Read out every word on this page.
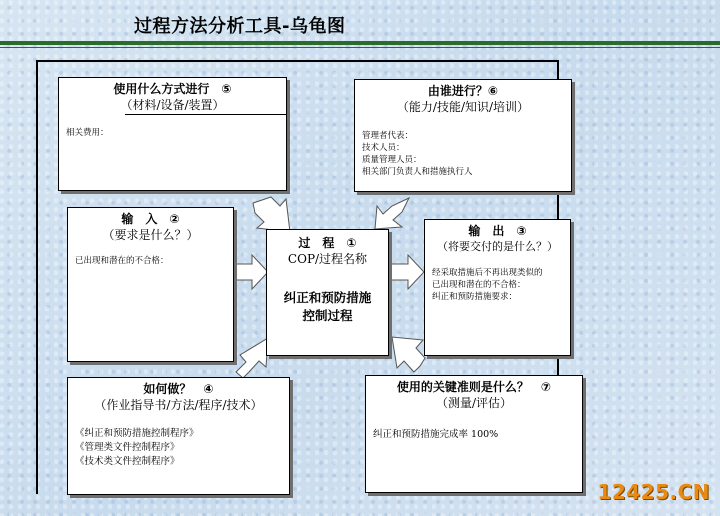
过程方法分析工具-乌龟图
使用什么方式进行　⑤
（材料/设备/装置）
相关费用：
由谁进行？⑥
（能力/技能/知识/培训）
管理者代表：
技术人员：
质量管理人员：
相关部门负责人和措施执行人
输　入　②
（要求是什么？）
已出现和潜在的不合格：
过　程　①
COP/过程名称
纠正和预防措施
控制过程
输　出　③
（将要交付的是什么？）
经采取措施后不再出现类似的
已出现和潜在的不合格：
纠正和预防措施要求：
如何做？　④
（作业指导书/方法/程序/技术）
《纠正和预防措施控制程序》
《管理类文件控制程序》
《技术类文件控制程序》
使用的关键准则是什么？　⑦
（测量/评估）
纠正和预防措施完成率 100%
12425.CN
